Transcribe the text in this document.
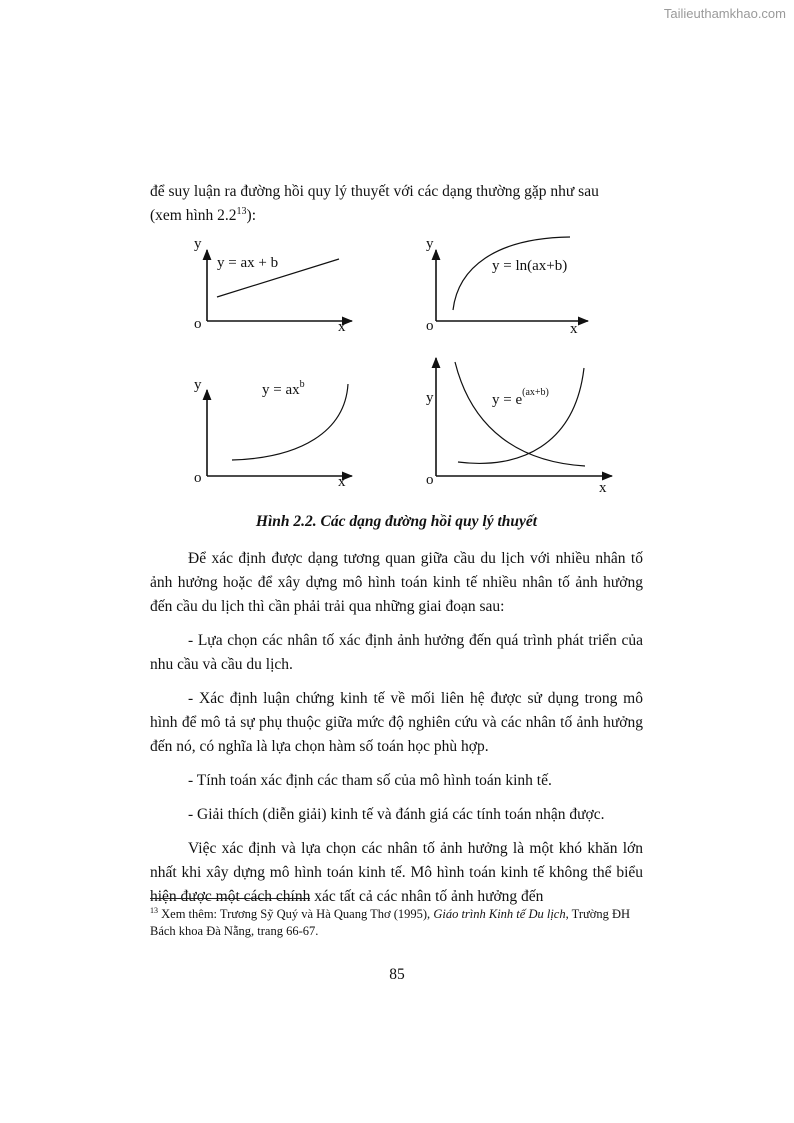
Tailieuthamkhao.com
để suy luận ra đường hồi quy lý thuyết với các dạng thường gặp như sau
(xem hình $2.2^{13}$):
y
o	x
y = ax + b
y
o	x
y = ln(ax+b)
y
o	x
$y = ax^b$
y
o	x
$y = e^{(ax+b)}$
Hình 2.2. Các dạng đường hồi quy lý thuyết

Để xác định được dạng tương quan giữa cầu du lịch với nhiều nhân tố ảnh hưởng hoặc để xây dựng mô hình toán kinh tế nhiều nhân tố ảnh hưởng đến cầu du lịch thì cần phải trải qua những giai đoạn sau:

- Lựa chọn các nhân tố xác định ảnh hưởng đến quá trình phát triển của nhu cầu và cầu du lịch.

- Xác định luận chứng kinh tế về mối liên hệ được sử dụng trong mô hình để mô tả sự phụ thuộc giữa mức độ nghiên cứu và các nhân tố ảnh hưởng đến nó, có nghĩa là lựa chọn hàm số toán học phù hợp.

- Tính toán xác định các tham số của mô hình toán kinh tế.

- Giải thích (diễn giải) kinh tế và đánh giá các tính toán nhận được.

Việc xác định và lựa chọn các nhân tố ảnh hưởng là một khó khăn lớn nhất khi xây dựng mô hình toán kinh tế. Mô hình toán kinh tế không thể biểu hiện được một cách chính xác tất cả các nhân tố ảnh hưởng đến

$^{13}$ Xem thêm: Trương Sỹ Quý và Hà Quang Thơ (1995), Giáo trình Kinh tế Du lịch, Trường ĐH Bách khoa Đà Nẵng, trang 66-67.
85
